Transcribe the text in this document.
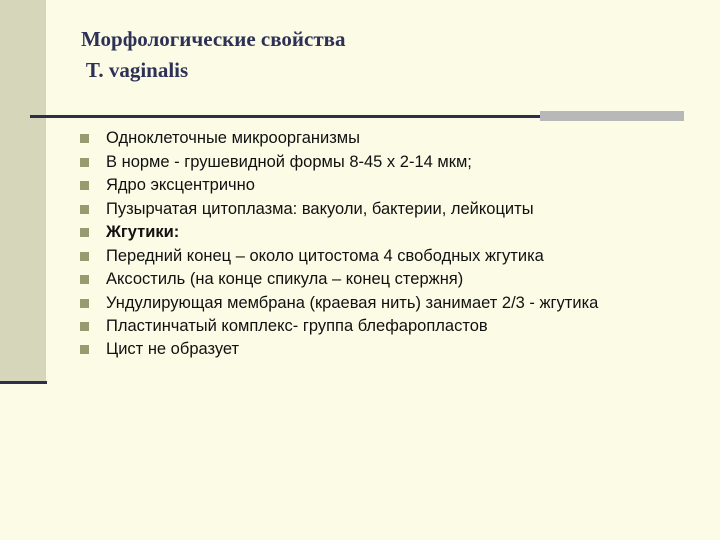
Морфологические свойства
T. vaginalis
Одноклеточные микроорганизмы
В норме - грушевидной формы 8-45 х 2-14 мкм;
Ядро эксцентрично
Пузырчатая цитоплазма: вакуоли, бактерии, лейкоциты
Жгутики:
Передний конец – около цитостома 4 свободных жгутика
Аксостиль (на конце спикула – конец стержня)
Ундулирующая мембрана (краевая нить) занимает 2/3 - жгутика
Пластинчатый комплекс- группа блефаропластов
Цист не образует
